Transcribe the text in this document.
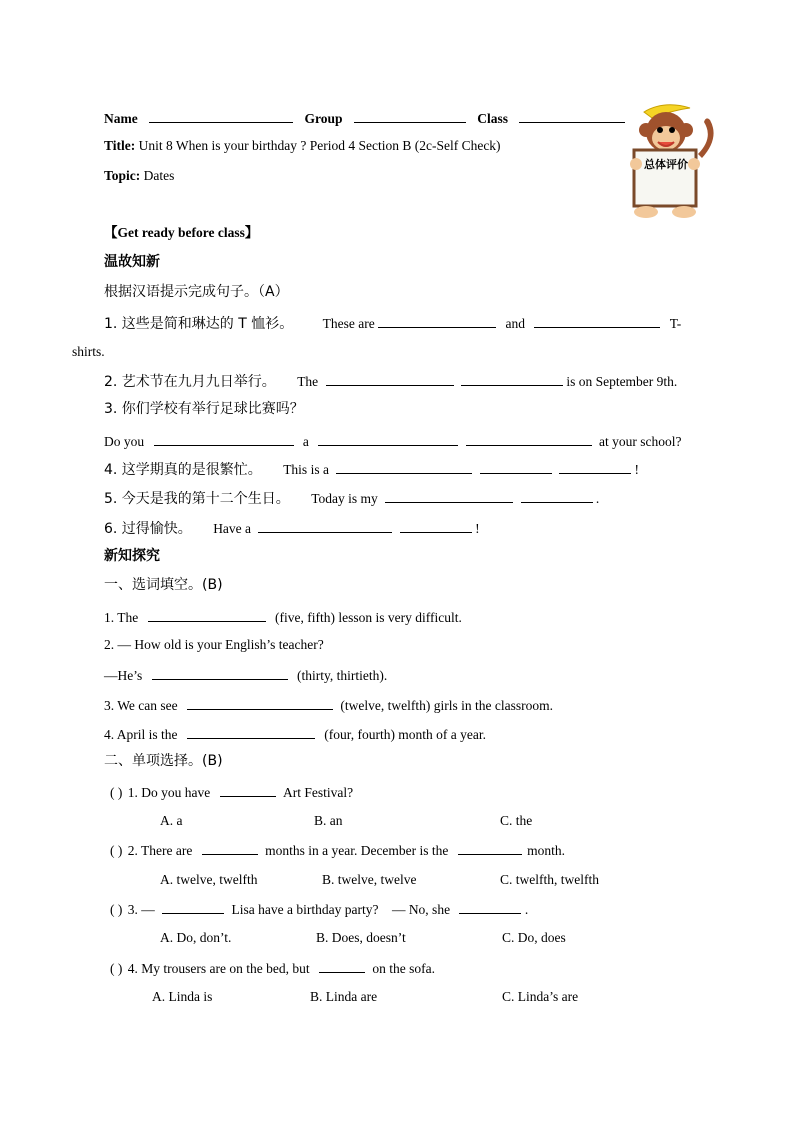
Name	Group	Class
Title: Unit 8 When is your birthday ? Period 4 Section B (2c-Self Check)
Topic: Dates
总体评价
【Get ready before class】
温故知新
根据汉语提示完成句子。（A）
1. 这些是简和琳达的 T 恤衫。 These are	and	T-
shirts.
2. 艺术节在九月九日举行。 The	is on September 9th.
3. 你们学校有举行足球比赛吗？
Do you	a	at your school?
4. 这学期真的是很繁忙。 This is a	!
5. 今天是我的第十二个生日。 Today is my	.
6. 过得愉快。 Have a	!
新知探究
一、选词填空。(B)
1. The	(five, fifth) lesson is very difficult.
2. — How old is your English’s teacher?
—He’s	(thirty, thirtieth).
3. We can see	(twelve, twelfth) girls in the classroom.
4. April is the	(four, fourth) month of a year.
二、单项选择。(B)
( ) 1. Do you have	Art Festival?
A. a	B. an	C. the
( ) 2. There are	months in a year. December is the	month.
A. twelve, twelfth	B. twelve, twelve	C. twelfth, twelfth
( ) 3. —	Lisa have a birthday party?    — No, she	.
A. Do, don’t.	B. Does, doesn’t	C. Do, does
( ) 4. My trousers are on the bed, but	on the sofa.
A. Linda is	B. Linda are	C. Linda’s are
